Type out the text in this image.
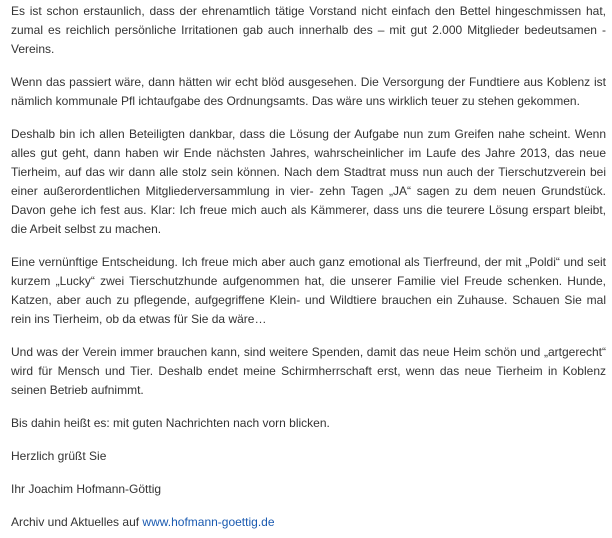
Es ist schon erstaunlich, dass der ehrenamtlich tätige Vorstand nicht einfach den Bettel hingeschmissen hat, zumal es reichlich persönliche Irritationen gab auch innerhalb des – mit gut 2.000 Mitglieder bedeutsamen - Vereins.

Wenn das passiert wäre, dann hätten wir echt blöd ausgesehen. Die Versorgung der Fundtiere aus Koblenz ist nämlich kommunale Pfl ichtaufgabe des Ordnungsamts. Das wäre uns wirklich teuer zu stehen gekommen.

Deshalb bin ich allen Beteiligten dankbar, dass die Lösung der Aufgabe nun zum Greifen nahe scheint. Wenn alles gut geht, dann haben wir Ende nächsten Jahres, wahrscheinlicher im Laufe des Jahre 2013, das neue Tierheim, auf das wir dann alle stolz sein können. Nach dem Stadtrat muss nun auch der Tierschutzverein bei einer außerordentlichen Mitgliederversammlung in vier- zehn Tagen „JA“ sagen zu dem neuen Grundstück. Davon gehe ich fest aus. Klar: Ich freue mich auch als Kämmerer, dass uns die teurere Lösung erspart bleibt, die Arbeit selbst zu machen.

Eine vernünftige Entscheidung. Ich freue mich aber auch ganz emotional als Tierfreund, der mit „Poldi“ und seit kurzem „Lucky“ zwei Tierschutzhunde aufgenommen hat, die unserer Familie viel Freude schenken. Hunde, Katzen, aber auch zu pflegende, aufgegriffene Klein- und Wildtiere brauchen ein Zuhause. Schauen Sie mal rein ins Tierheim, ob da etwas für Sie da wäre…

Und was der Verein immer brauchen kann, sind weitere Spenden, damit das neue Heim schön und „artgerecht“ wird für Mensch und Tier. Deshalb endet meine Schirmherrschaft erst, wenn das neue Tierheim in Koblenz seinen Betrieb aufnimmt.

Bis dahin heißt es: mit guten Nachrichten nach vorn blicken.

Herzlich grüßt Sie

Ihr Joachim Hofmann-Göttig

Archiv und Aktuelles auf www.hofmann-goettig.de
